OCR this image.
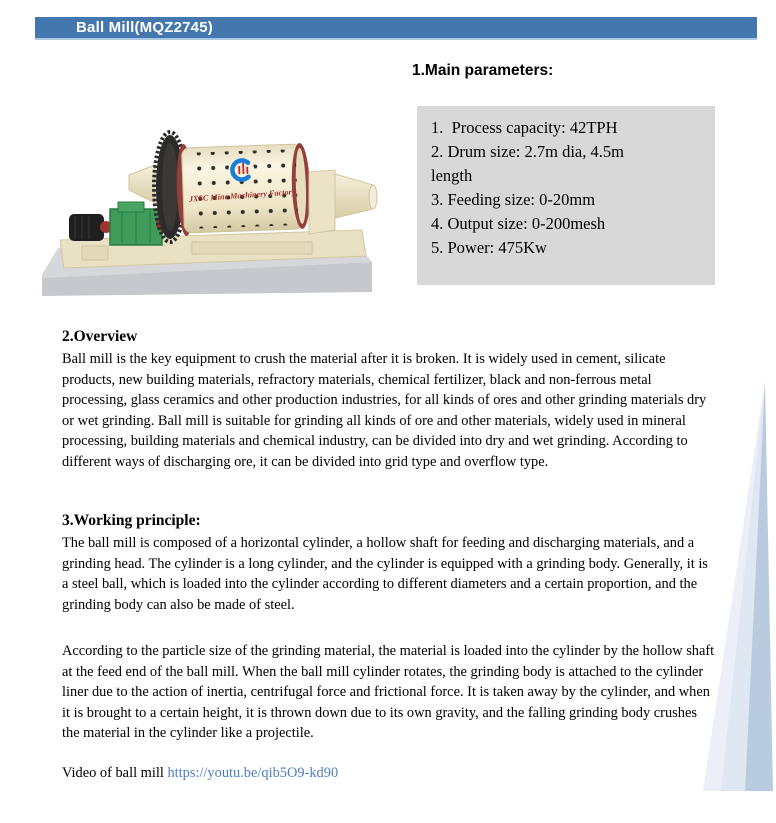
Ball Mill(MQZ2745)
JXSC Mine Machinery Factory
1.Main parameters:
1.  Process capacity: 42TPH
2. Drum size: 2.7m dia, 4.5m
length
3. Feeding size: 0-20mm
4. Output size: 0-200mesh
5. Power: 475Kw
2.Overview
Ball mill is the key equipment to crush the material after it is broken. It is widely used in cement, silicate products, new building materials, refractory materials, chemical fertilizer, black and non-ferrous metal processing, glass ceramics and other production industries, for all kinds of ores and other grinding materials dry or wet grinding. Ball mill is suitable for grinding all kinds of ore and other materials, widely used in mineral processing, building materials and chemical industry, can be divided into dry and wet grinding. According to different ways of discharging ore, it can be divided into grid type and overflow type.
3.Working principle:
The ball mill is composed of a horizontal cylinder, a hollow shaft for feeding and discharging materials, and a grinding head. The cylinder is a long cylinder, and the cylinder is equipped with a grinding body. Generally, it is a steel ball, which is loaded into the cylinder according to different diameters and a certain proportion, and the grinding body can also be made of steel.
According to the particle size of the grinding material, the material is loaded into the cylinder by the hollow shaft at the feed end of the ball mill. When the ball mill cylinder rotates, the grinding body is attached to the cylinder liner due to the action of inertia, centrifugal force and frictional force. It is taken away by the cylinder, and when it is brought to a certain height, it is thrown down due to its own gravity, and the falling grinding body crushes the material in the cylinder like a projectile.
Video of ball mill https://youtu.be/qib5O9-kd90
